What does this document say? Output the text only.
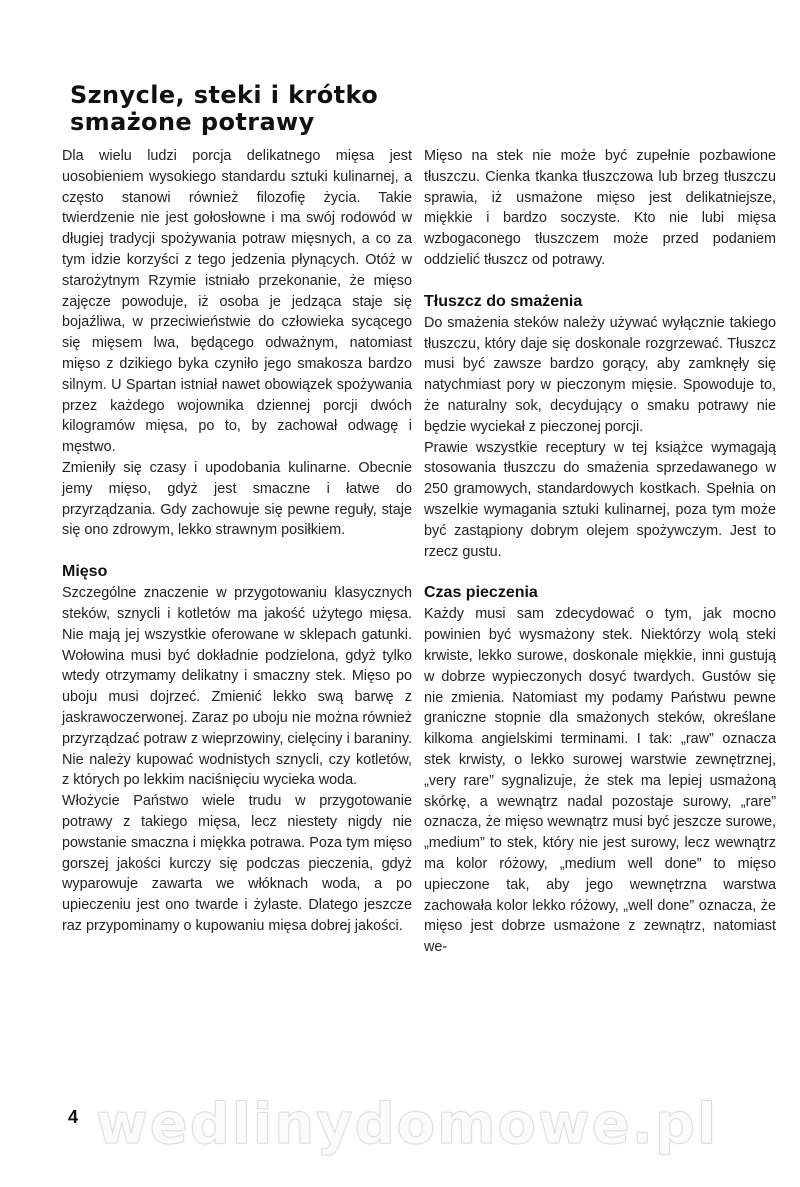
Sznycle, steki i krótko
smażone potrawy

Dla wielu ludzi porcja delikatnego mięsa jest uosobieniem wysokiego standardu sztuki kulinarnej, a często stanowi również filozofię życia. Takie twierdzenie nie jest gołosłowne i ma swój rodowód w długiej tradycji spożywania potraw mięsnych, a co za tym idzie korzyści z tego jedzenia płynących. Otóż w starożytnym Rzymie istniało przekonanie, że mięso zajęcze powoduje, iż osoba je jedząca staje się bojaźliwa, w przeciwieństwie do człowieka sycącego się mięsem lwa, będącego odważnym, natomiast mięso z dzikiego byka czyniło jego smakosza bardzo silnym. U Spartan istniał nawet obowiązek spożywania przez każdego wojownika dziennej porcji dwóch kilogramów mięsa, po to, by zachował odwagę i męstwo.

Zmieniły się czasy i upodobania kulinarne. Obecnie jemy mięso, gdyż jest smaczne i łatwe do przyrządzania. Gdy zachowuje się pewne reguły, staje się ono zdrowym, lekko strawnym posiłkiem.

Mięso

Szczególne znaczenie w przygotowaniu klasycznych steków, sznycli i kotletów ma jakość użytego mięsa. Nie mają jej wszystkie oferowane w sklepach gatunki. Wołowina musi być dokładnie podzielona, gdyż tylko wtedy otrzymamy delikatny i smaczny stek. Mięso po uboju musi dojrzeć. Zmienić lekko swą barwę z jaskrawoczerwonej. Zaraz po uboju nie można również przyrządzać potraw z wieprzowiny, cielęciny i baraniny. Nie należy kupować wodnistych sznycli, czy kotletów, z których po lekkim naciśnięciu wycieka woda.

Włożycie Państwo wiele trudu w przygotowanie potrawy z takiego mięsa, lecz niestety nigdy nie powstanie smaczna i miękka potrawa. Poza tym mięso gorszej jakości kurczy się podczas pieczenia, gdyż wyparowuje zawarta we włóknach woda, a po upieczeniu jest ono twarde i żylaste. Dlatego jeszcze raz przypominamy o kupowaniu mięsa dobrej jakości.

Mięso na stek nie może być zupełnie pozbawione tłuszczu. Cienka tkanka tłuszczowa lub brzeg tłuszczu sprawia, iż usmażone mięso jest delikatniejsze, miękkie i bardzo soczyste. Kto nie lubi mięsa wzbogaconego tłuszczem może przed podaniem oddzielić tłuszcz od potrawy.

Tłuszcz do smażenia

Do smażenia steków należy używać wyłącznie takiego tłuszczu, który daje się doskonale rozgrzewać. Tłuszcz musi być zawsze bardzo gorący, aby zamknęły się natychmiast pory w pieczonym mięsie. Spowoduje to, że naturalny sok, decydujący o smaku potrawy nie będzie wyciekał z pieczonej porcji.

Prawie wszystkie receptury w tej książce wymagają stosowania tłuszczu do smażenia sprzedawanego w 250 gramowych, standardowych kostkach. Spełnia on wszelkie wymagania sztuki kulinarnej, poza tym może być zastąpiony dobrym olejem spożywczym. Jest to rzecz gustu.

Czas pieczenia

Każdy musi sam zdecydować o tym, jak mocno powinien być wysmażony stek. Niektórzy wolą steki krwiste, lekko surowe, doskonale miękkie, inni gustują w dobrze wypieczonych dosyć twardych. Gustów się nie zmienia. Natomiast my podamy Państwu pewne graniczne stopnie dla smażonych steków, określane kilkoma angielskimi terminami. I tak: „raw” oznacza stek krwisty, o lekko surowej warstwie zewnętrznej, „very rare” sygnalizuje, że stek ma lepiej usmażoną skórkę, a wewnątrz nadal pozostaje surowy, „rare” oznacza, że mięso wewnątrz musi być jeszcze surowe, „medium” to stek, który nie jest surowy, lecz wewnątrz ma kolor różowy, „medium well done” to mięso upieczone tak, aby jego wewnętrzna warstwa zachowała kolor lekko różowy, „well done” oznacza, że mięso jest dobrze usmażone z zewnątrz, natomiast we-

4 wedlinydomowe.pl
